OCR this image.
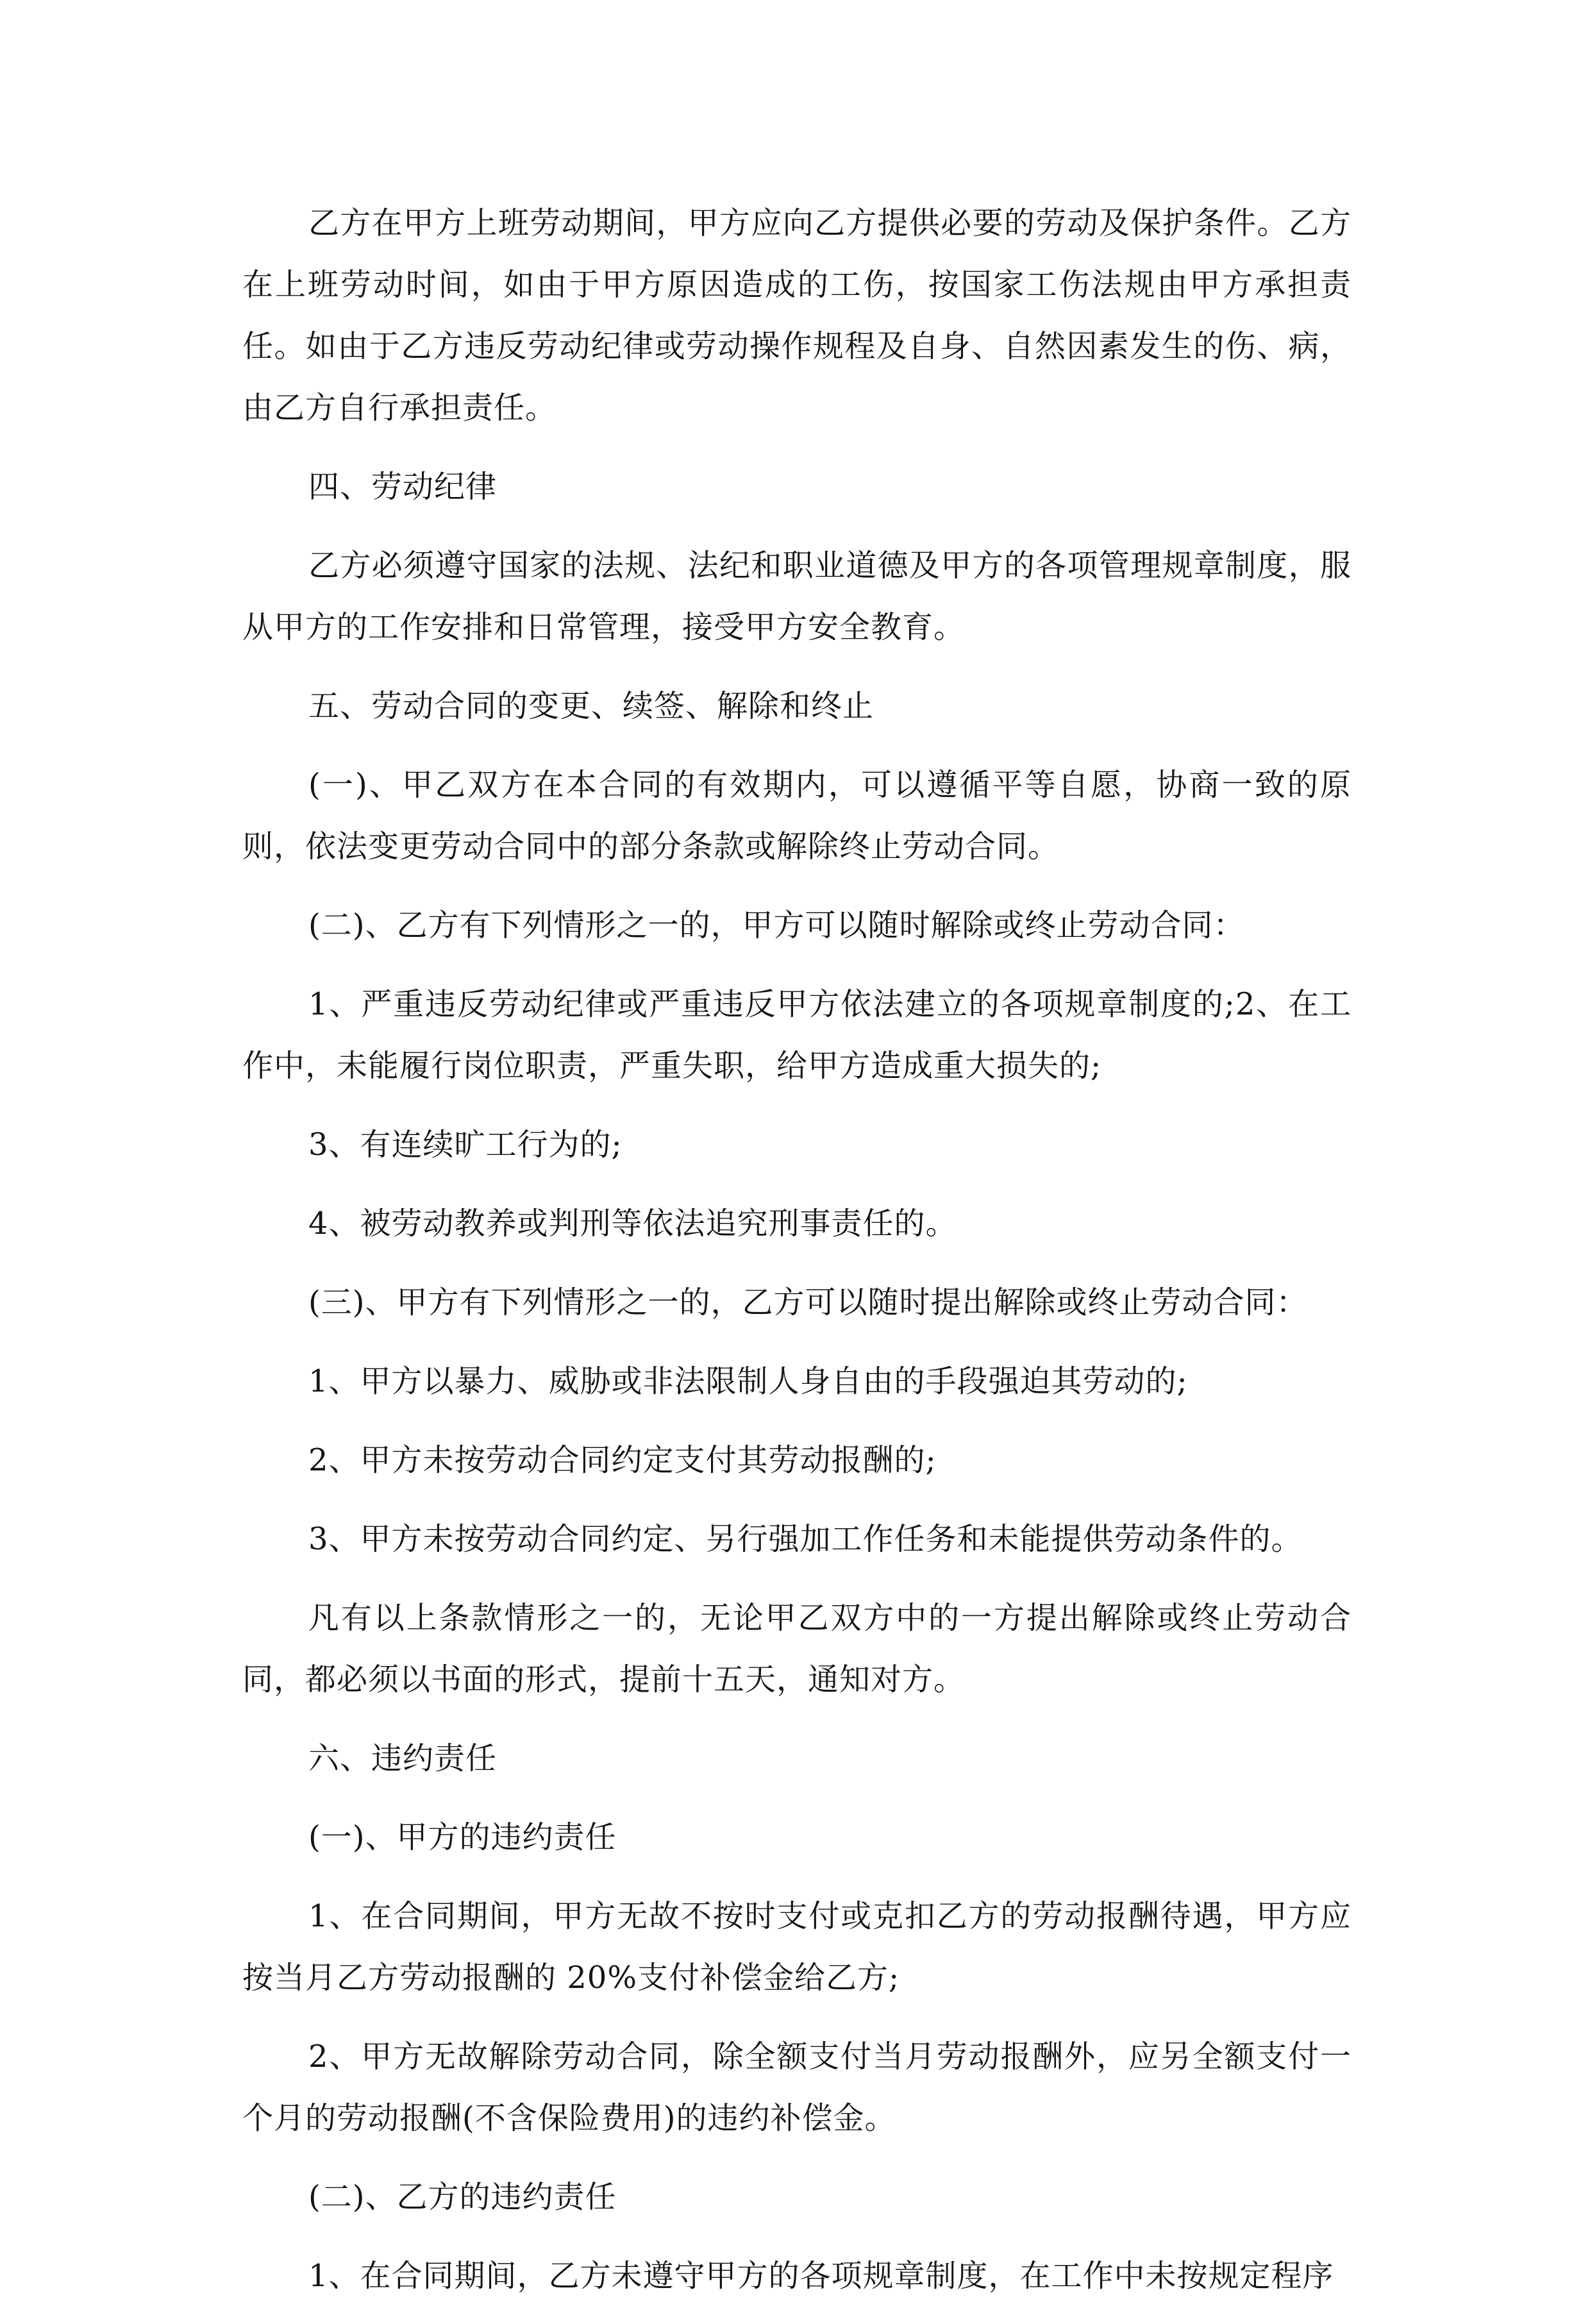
乙方在甲方上班劳动期间，甲方应向乙方提供必要的劳动及保护条件。乙方在上班劳动时间，如由于甲方原因造成的工伤，按国家工伤法规由甲方承担责任。如由于乙方违反劳动纪律或劳动操作规程及自身、自然因素发生的伤、病，由乙方自行承担责任。

四、劳动纪律

乙方必须遵守国家的法规、法纪和职业道德及甲方的各项管理规章制度，服从甲方的工作安排和日常管理，接受甲方安全教育。

五、劳动合同的变更、续签、解除和终止

(一)、甲乙双方在本合同的有效期内，可以遵循平等自愿，协商一致的原则，依法变更劳动合同中的部分条款或解除终止劳动合同。

(二)、乙方有下列情形之一的，甲方可以随时解除或终止劳动合同：

1、严重违反劳动纪律或严重违反甲方依法建立的各项规章制度的;2、在工作中，未能履行岗位职责，严重失职，给甲方造成重大损失的;

3、有连续旷工行为的;

4、被劳动教养或判刑等依法追究刑事责任的。

(三)、甲方有下列情形之一的，乙方可以随时提出解除或终止劳动合同：

1、甲方以暴力、威胁或非法限制人身自由的手段强迫其劳动的;

2、甲方未按劳动合同约定支付其劳动报酬的;

3、甲方未按劳动合同约定、另行强加工作任务和未能提供劳动条件的。

凡有以上条款情形之一的，无论甲乙双方中的一方提出解除或终止劳动合同，都必须以书面的形式，提前十五天，通知对方。

六、违约责任

(一)、甲方的违约责任

1、在合同期间，甲方无故不按时支付或克扣乙方的劳动报酬待遇，甲方应按当月乙方劳动报酬的 20%支付补偿金给乙方;

2、甲方无故解除劳动合同，除全额支付当月劳动报酬外，应另全额支付一个月的劳动报酬(不含保险费用)的违约补偿金。

(二)、乙方的违约责任

1、在合同期间，乙方未遵守甲方的各项规章制度，在工作中未按规定程序
